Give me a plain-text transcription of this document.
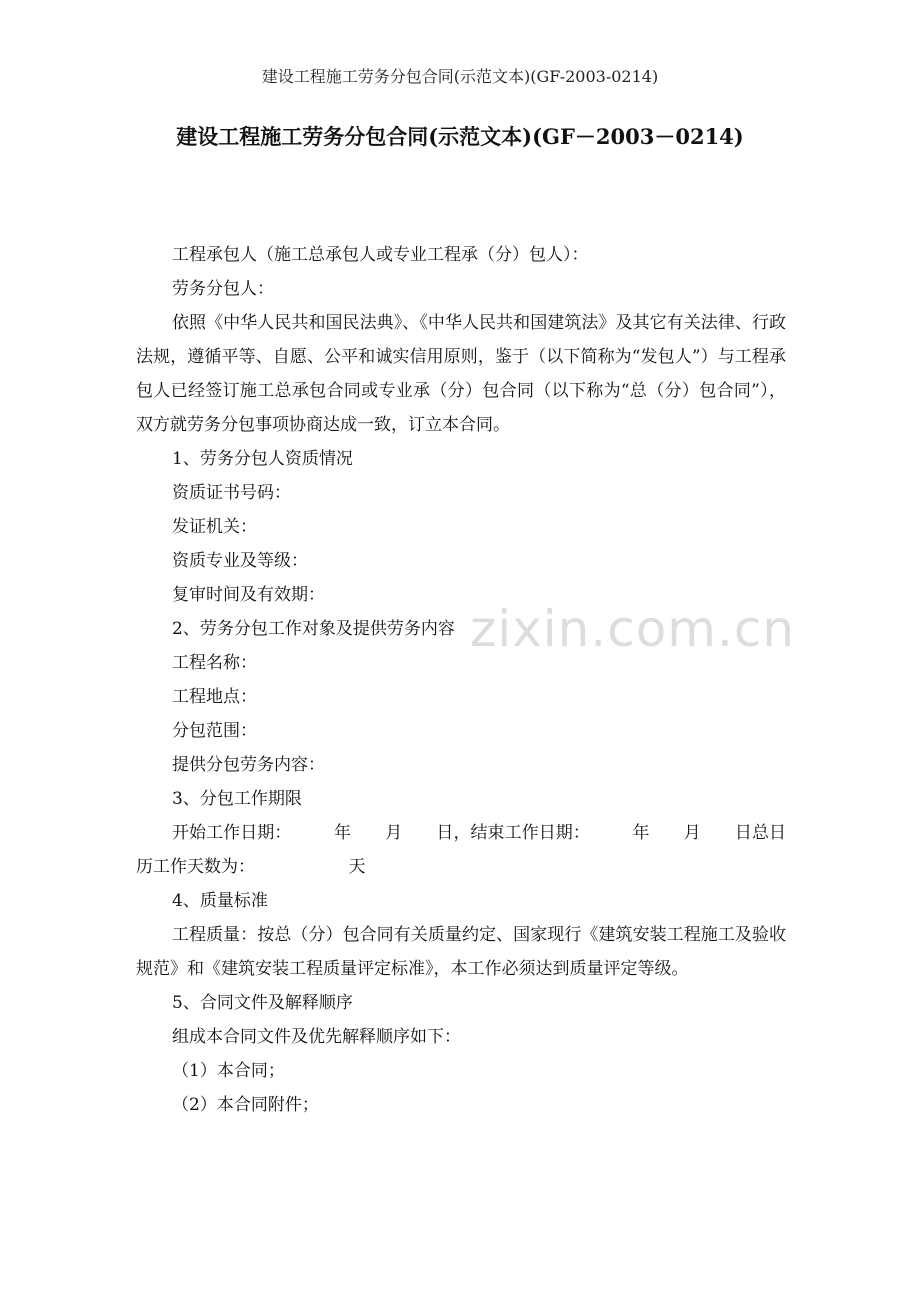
建设工程施工劳务分包合同(示范文本)(GF-2003-0214)
建设工程施工劳务分包合同(示范文本)(GF－2003－0214)

工程承包人（施工总承包人或专业工程承（分）包人）：

劳务分包人：

依照《中华人民共和国民法典》、《中华人民共和国建筑法》及其它有关法律、行政法规，遵循平等、自愿、公平和诚实信用原则，鉴于（以下简称为“发包人”）与工程承包人已经签订施工总承包合同或专业承（分）包合同（以下称为“总（分）包合同”），双方就劳务分包事项协商达成一致，订立本合同。

1、劳务分包人资质情况

资质证书号码：

发证机关：

资质专业及等级：

复审时间及有效期：

2、劳务分包工作对象及提供劳务内容

工程名称：

工程地点：

分包范围：

提供分包劳务内容：

3、分包工作期限

开始工作日期：　　　年　　月　　日，结束工作日期：　　　年　　月　　日总日历工作天数为：　　　　　　天

4、质量标准

工程质量：按总（分）包合同有关质量约定、国家现行《建筑安装工程施工及验收规范》和《建筑安装工程质量评定标准》，本工作必须达到质量评定等级。

5、合同文件及解释顺序

组成本合同文件及优先解释顺序如下：

（1）本合同；

（2）本合同附件；

zixin.com.cn
